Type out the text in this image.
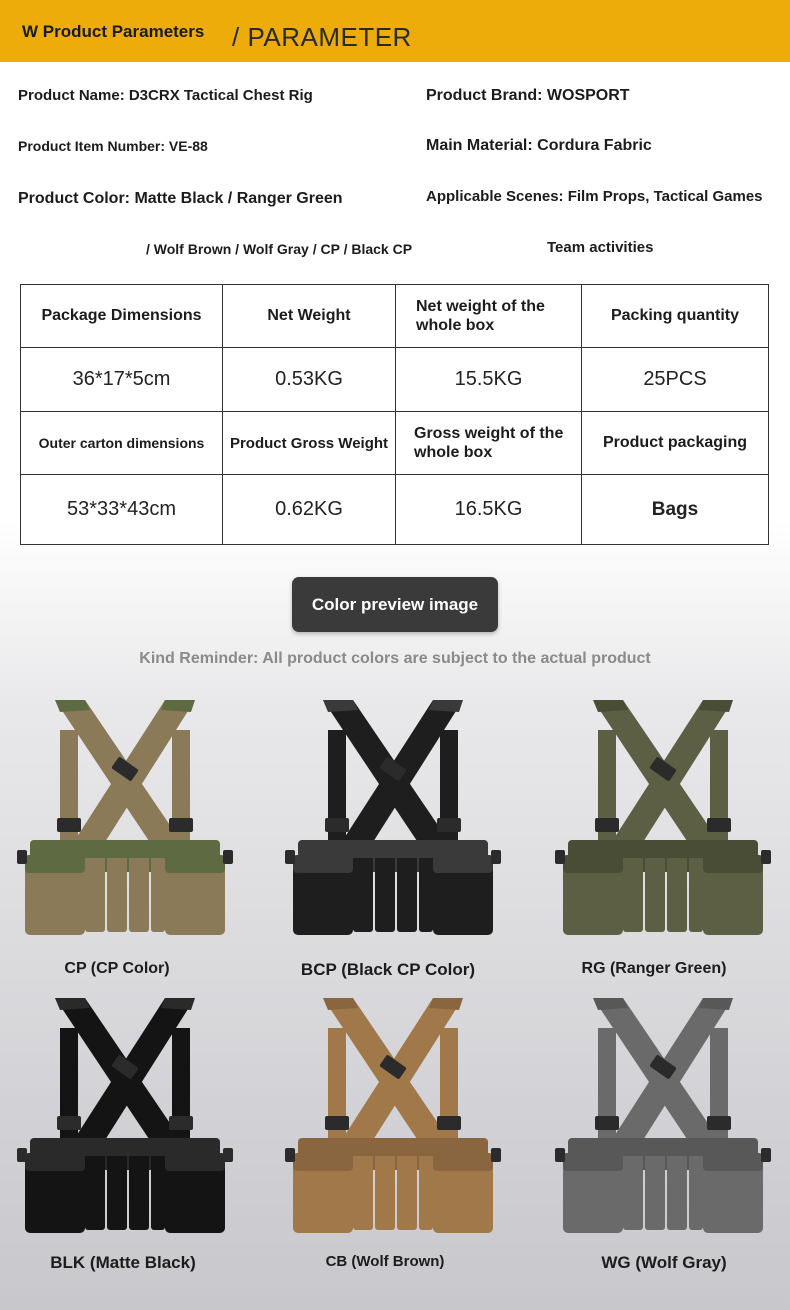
W Product Parameters / PARAMETER
Product Name: D3CRX Tactical Chest Rig	Product Brand: WOSPORT
Product Item Number: VE-88	Main Material: Cordura Fabric
Product Color: Matte Black / Ranger Green	Applicable Scenes: Film Props, Tactical Games
/ Wolf Brown / Wolf Gray / CP / Black CP	Team activities
Package Dimensions	Net Weight	Net weight of the whole box	Packing quantity
36*17*5cm	0.53KG	15.5KG	25PCS
Outer carton dimensions	Product Gross Weight	Gross weight of the whole box	Product packaging
53*33*43cm	0.62KG	16.5KG	Bags
Color preview image
Kind Reminder: All product colors are subject to the actual product
CP (CP Color)	BCP (Black CP Color)	RG (Ranger Green)
BLK (Matte Black)	CB (Wolf Brown)	WG (Wolf Gray)
